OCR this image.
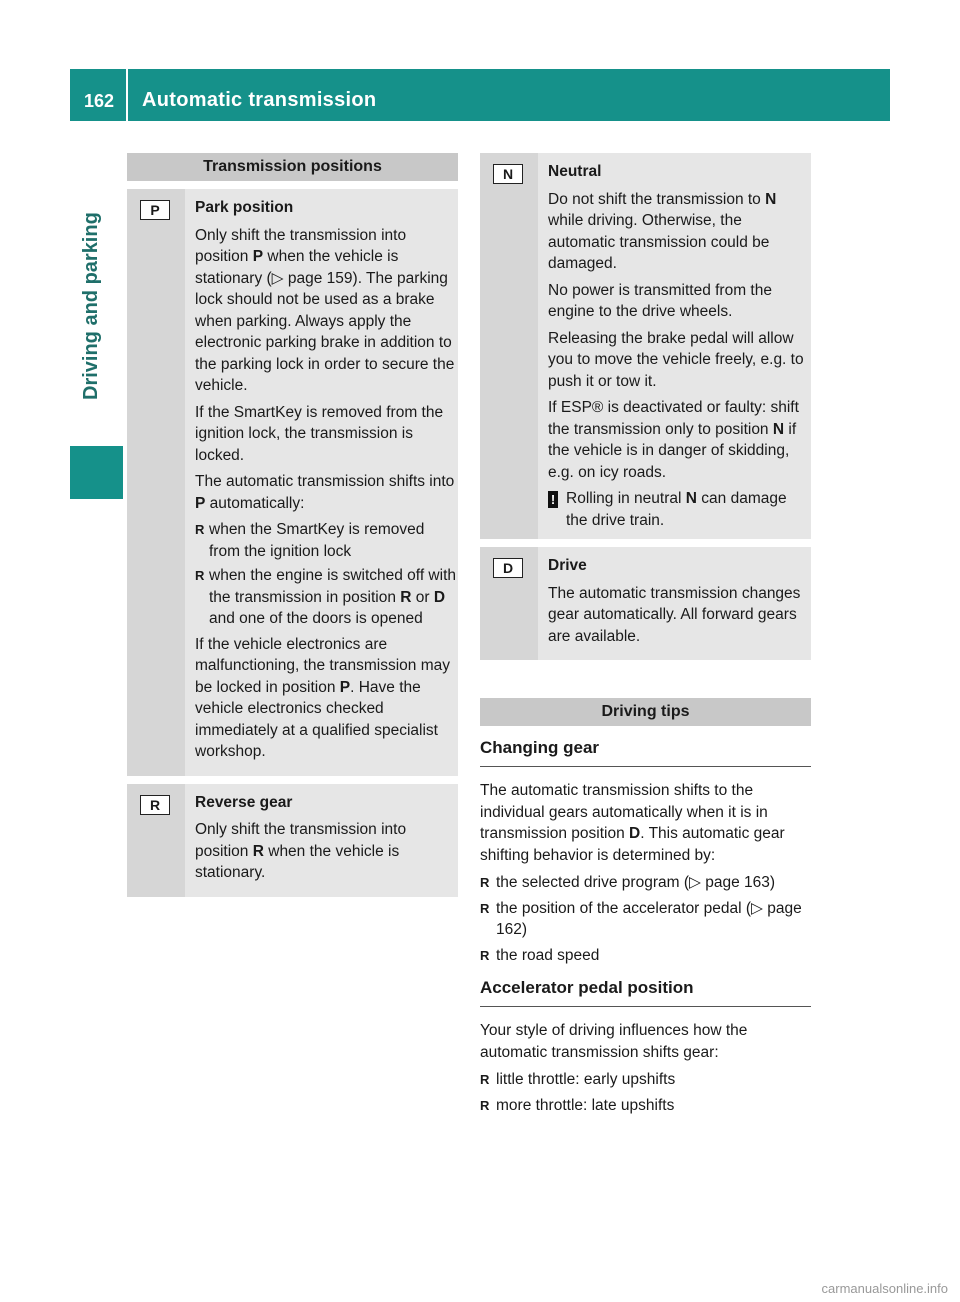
162 Automatic transmission
Driving and parking
Transmission positions
P	Park position

Only shift the transmission into position P when the vehicle is stationary (▷ page 159). The parking lock should not be used as a brake when parking. Always apply the electronic parking brake in addition to the parking lock in order to secure the vehicle.

If the SmartKey is removed from the ignition lock, the transmission is locked.

The automatic transmission shifts into P automatically:

R when the SmartKey is removed from the ignition lock
R when the engine is switched off with the transmission in position R or D and one of the doors is opened

If the vehicle electronics are malfunctioning, the transmission may be locked in position P. Have the vehicle electronics checked immediately at a qualified specialist workshop.

R	Reverse gear

Only shift the transmission into position R when the vehicle is stationary.

N	Neutral

Do not shift the transmission to N while driving. Otherwise, the automatic transmission could be damaged.

No power is transmitted from the engine to the drive wheels.

Releasing the brake pedal will allow you to move the vehicle freely, e.g. to push it or tow it.

If ESP® is deactivated or faulty: shift the transmission only to position N if the vehicle is in danger of skidding, e.g. on icy roads.

! Rolling in neutral N can damage the drive train.
D	Drive

The automatic transmission changes gear automatically. All forward gears are available.

Driving tips
Changing gear

The automatic transmission shifts to the individual gears automatically when it is in transmission position D. This automatic gear shifting behavior is determined by:

R the selected drive program (▷ page 163)
R the position of the accelerator pedal (▷ page 162)
R the road speed
Accelerator pedal position

Your style of driving influences how the automatic transmission shifts gear:

R little throttle: early upshifts
R more throttle: late upshifts
carmanualsonline.info
